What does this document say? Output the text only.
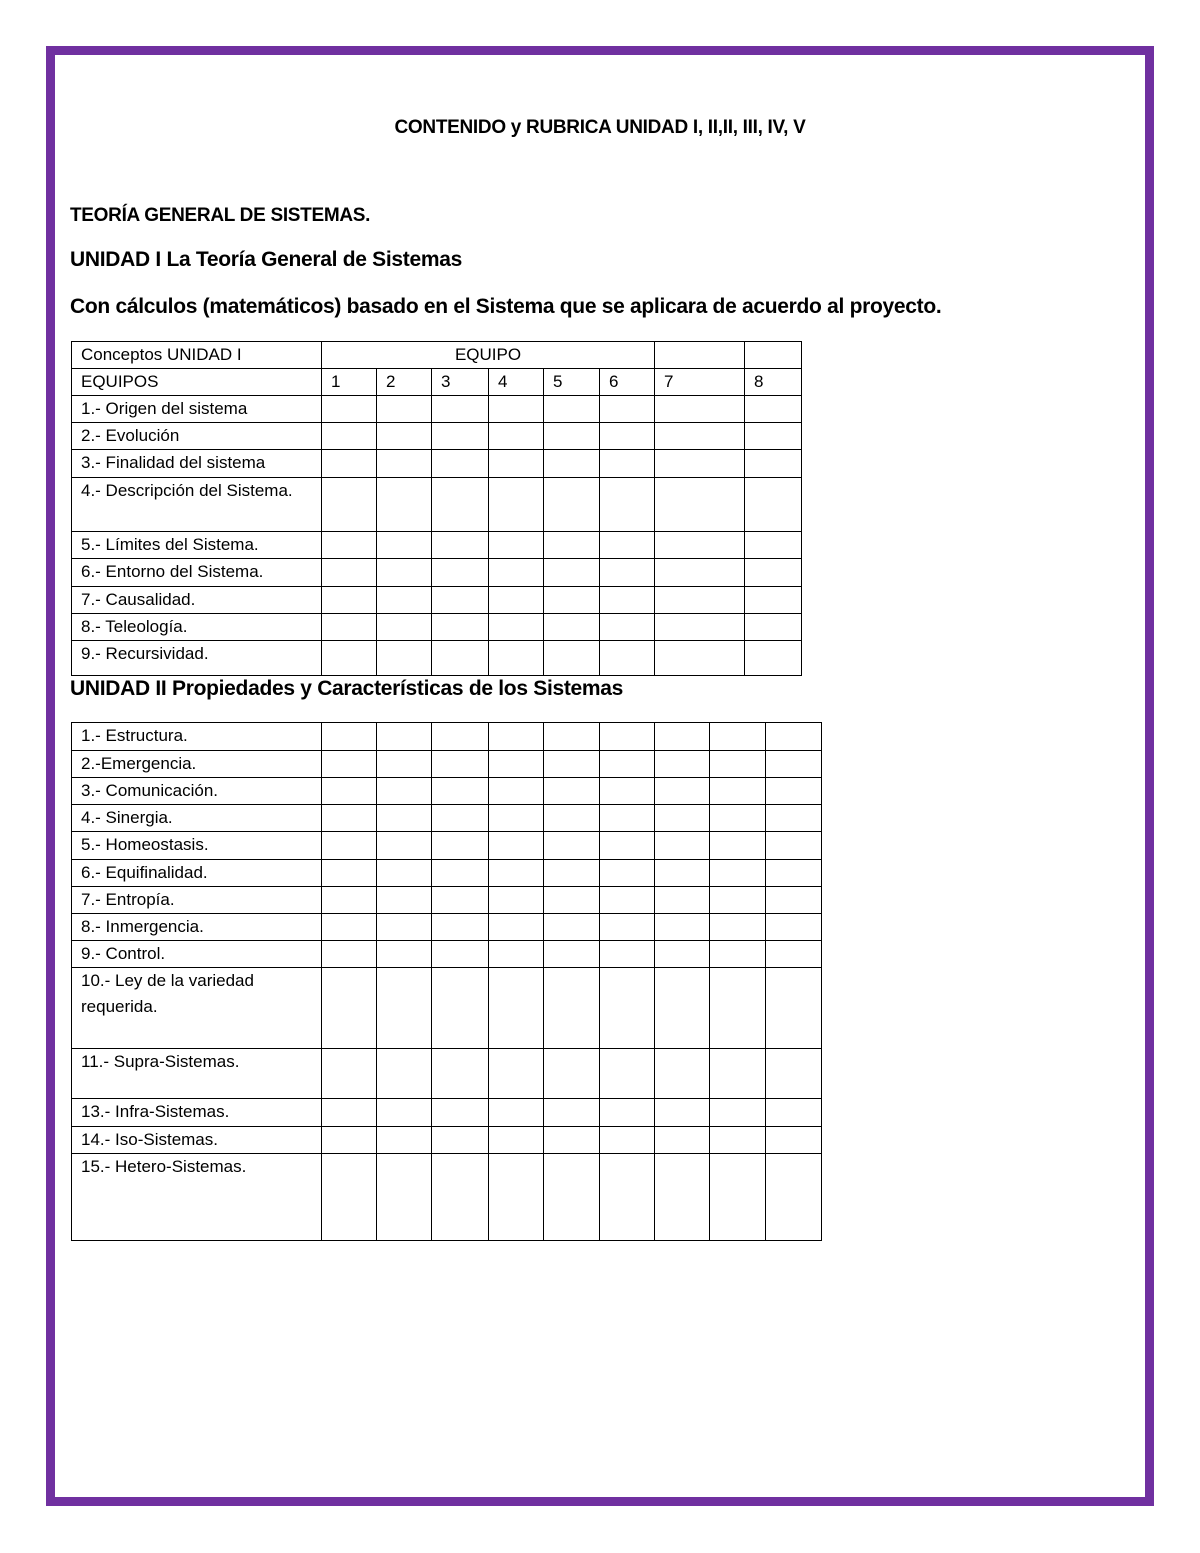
CONTENIDO y RUBRICA UNIDAD I, II,II, III, IV, V
TEORÍA GENERAL DE SISTEMAS.
UNIDAD I La Teoría General de Sistemas
Con cálculos (matemáticos) basado en el Sistema que se aplicara de acuerdo al proyecto.
Conceptos UNIDAD I	EQUIPO							
EQUIPOS	1	2	3	4	5	6	7	8
1.- Origen del sistema								
2.- Evolución								
3.- Finalidad del sistema								
4.- Descripción del Sistema.								
5.- Límites del Sistema.								
6.- Entorno del Sistema.								
7.- Causalidad.								
8.- Teleología.								
9.- Recursividad.								
UNIDAD II Propiedades y Características de los Sistemas
1.- Estructura.									
2.-Emergencia.									
3.- Comunicación.									
4.- Sinergia.									
5.- Homeostasis.									
6.- Equifinalidad.									
7.- Entropía.									
8.- Inmergencia.									
9.- Control.									
10.- Ley de la variedad requerida.									
11.- Supra-Sistemas.									
13.- Infra-Sistemas.									
14.- Iso-Sistemas.									
15.- Hetero-Sistemas.									
